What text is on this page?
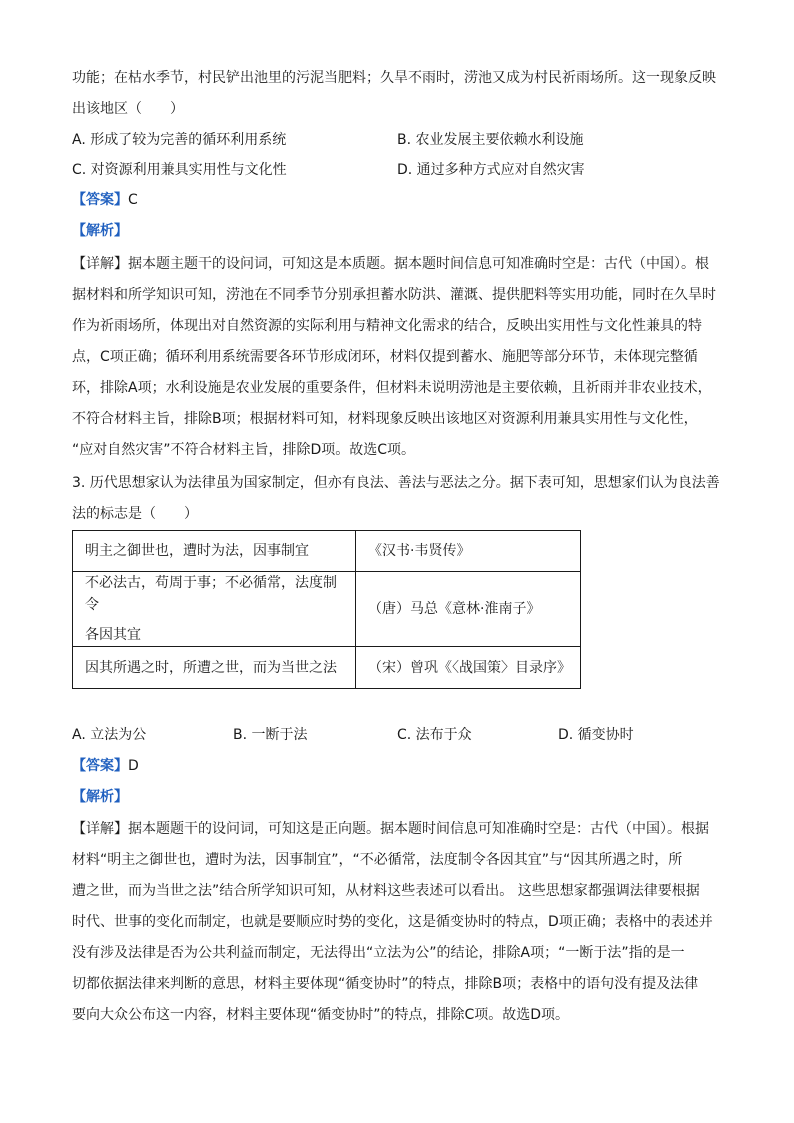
功能；在枯水季节，村民铲出池里的污泥当肥料；久旱不雨时，涝池又成为村民祈雨场所。这一现象反映
出该地区（　　）
A. 形成了较为完善的循环利用系统	B. 农业发展主要依赖水利设施
C. 对资源利用兼具实用性与文化性	D. 通过多种方式应对自然灾害
【答案】C
【解析】
【详解】据本题主题干的设问词，可知这是本质题。据本题时间信息可知准确时空是：古代（中国）。根
据材料和所学知识可知，涝池在不同季节分别承担蓄水防洪、灌溉、提供肥料等实用功能，同时在久旱时
作为祈雨场所，体现出对自然资源的实际利用与精神文化需求的结合，反映出实用性与文化性兼具的特
点，C项正确；循环利用系统需要各环节形成闭环，材料仅提到蓄水、施肥等部分环节，未体现完整循
环，排除A项；水利设施是农业发展的重要条件，但材料未说明涝池是主要依赖，且祈雨并非农业技术，
不符合材料主旨，排除B项；根据材料可知，材料现象反映出该地区对资源利用兼具实用性与文化性，
“应对自然灾害”不符合材料主旨，排除D项。故选C项。
3. 历代思想家认为法律虽为国家制定，但亦有良法、善法与恶法之分。据下表可知，思想家们认为良法善
法的标志是（　　）
明主之御世也，遭时为法，因事制宜	《汉书·韦贤传》

不必法古，苟周于事；不必循常，法度制令
各因其宜	（唐）马总《意林·淮南子》
因其所遇之时，所遭之世，而为当世之法	（宋）曾巩《〈战国策〉目录序》
A. 立法为公	B. 一断于法	C. 法布于众	D. 循变协时
【答案】D
【解析】
【详解】据本题题干的设问词，可知这是正向题。据本题时间信息可知准确时空是：古代（中国）。根据
材料“明主之御世也，遭时为法，因事制宜”，“不必循常，法度制令各因其宜”与“因其所遇之时，所
遭之世，而为当世之法”结合所学知识可知，从材料这些表述可以看出。 这些思想家都强调法律要根据
时代、世事的变化而制定，也就是要顺应时势的变化，这是循变协时的特点，D项正确；表格中的表述并
没有涉及法律是否为公共利益而制定，无法得出“立法为公”的结论，排除A项；“一断于法”指的是一
切都依据法律来判断的意思，材料主要体现“循变协时”的特点，排除B项；表格中的语句没有提及法律
要向大众公布这一内容，材料主要体现“循变协时”的特点，排除C项。故选D项。
